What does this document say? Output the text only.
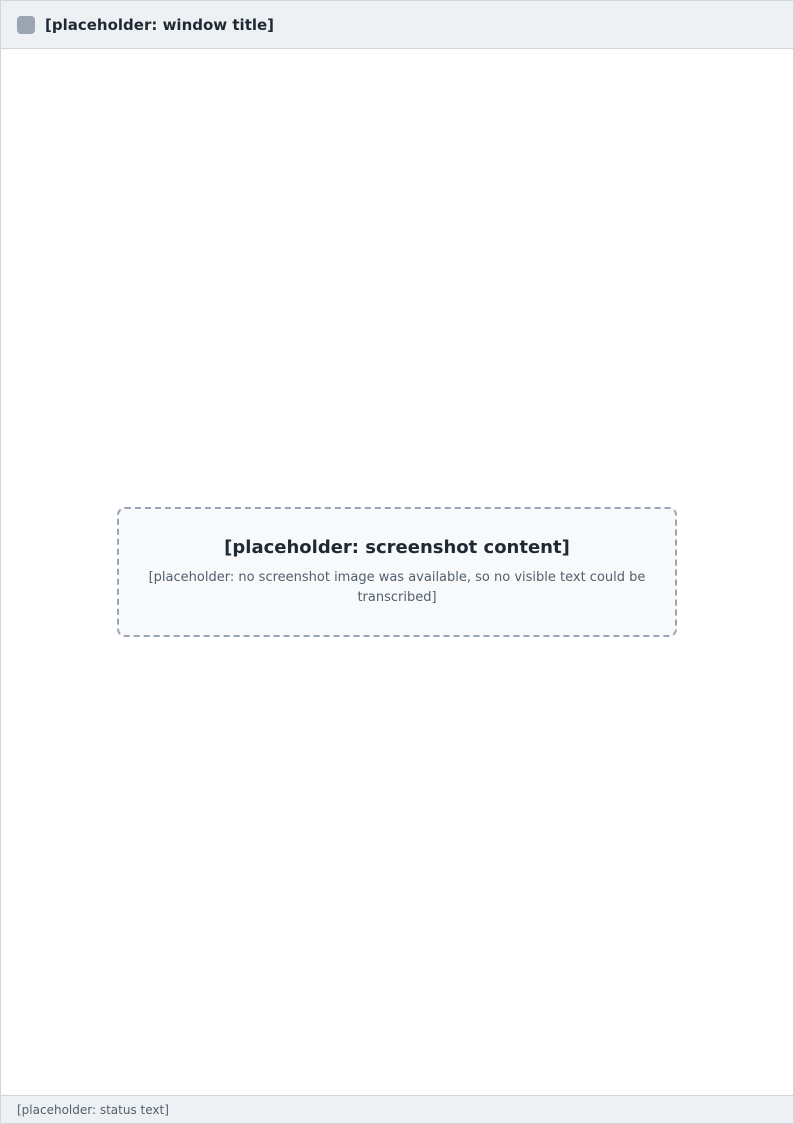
[placeholder: window title]

[placeholder: screenshot content]

[placeholder: no screenshot image was available, so no visible text could be transcribed]

[placeholder: status text]
